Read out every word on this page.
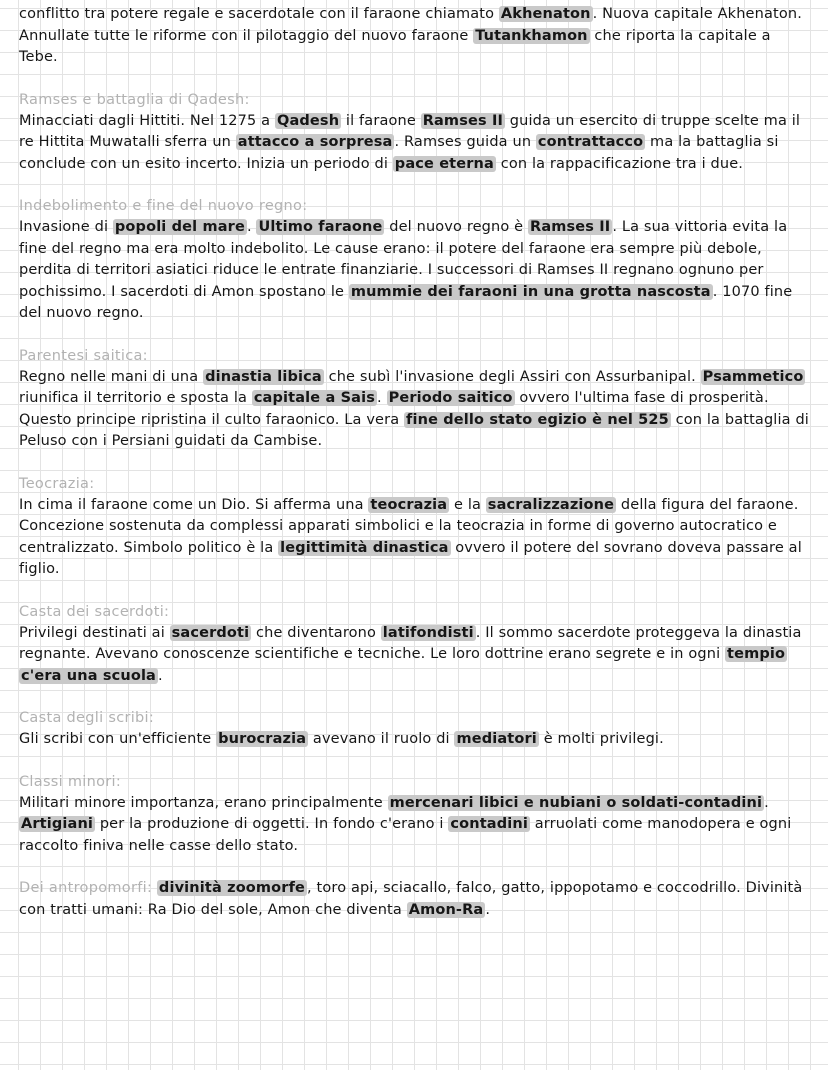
conflitto tra potere regale e sacerdotale con il faraone chiamato Akhenaton . Nuova capitale Akhenaton. Annullate tutte le riforme con il pilotaggio del nuovo faraone Tutankhamon che riporta la capitale a Tebe.

Ramses e battaglia di Qadesh:

Minacciati dagli Hittiti. Nel 1275 a Qadesh il faraone Ramses II guida un esercito di truppe scelte ma il re Hittita Muwatalli sferra un attacco a sorpresa . Ramses guida un contrattacco ma la battaglia si conclude con un esito incerto. Inizia un periodo di pace eterna con la rappacificazione tra i due.

Indebolimento e fine del nuovo regno:

Invasione di popoli del mare . Ultimo faraone del nuovo regno è Ramses II . La sua vittoria evita la fine del regno ma era molto indebolito. Le cause erano: il potere del faraone era sempre più debole, perdita di territori asiatici riduce le entrate finanziarie. I successori di Ramses II regnano ognuno per pochissimo. I sacerdoti di Amon spostano le mummie dei faraoni in una grotta nascosta . 1070 fine del nuovo regno.

Parentesi saitica:

Regno nelle mani di una dinastia libica che subì l'invasione degli Assiri con Assurbanipal. Psammetico riunifica il territorio e sposta la capitale a Sais . Periodo saitico ovvero l'ultima fase di prosperità. Questo principe ripristina il culto faraonico. La vera fine dello stato egizio è nel 525 con la battaglia di Peluso con i Persiani guidati da Cambise.

Teocrazia:

In cima il faraone come un Dio. Si afferma una teocrazia e la sacralizzazione della figura del faraone. Concezione sostenuta da complessi apparati simbolici e la teocrazia in forme di governo autocratico e centralizzato. Simbolo politico è la legittimità dinastica ovvero il potere del sovrano doveva passare al figlio.

Casta dei sacerdoti:

Privilegi destinati ai sacerdoti che diventarono latifondisti . Il sommo sacerdote proteggeva la dinastia regnante. Avevano conoscenze scientifiche e tecniche. Le loro dottrine erano segrete e in ogni tempio c'era una scuola .

Casta degli scribi:

Gli scribi con un'efficiente burocrazia avevano il ruolo di mediatori è molti privilegi.

Classi minori:

Militari minore importanza, erano principalmente mercenari libici e nubiani o soldati-contadini . Artigiani per la produzione di oggetti. In fondo c'erano i contadini arruolati come manodopera e ogni raccolto finiva nelle casse dello stato.

Dei antropomorfi: divinità zoomorfe , toro api, sciacallo, falco, gatto, ippopotamo e coccodrillo. Divinità con tratti umani: Ra Dio del sole, Amon che diventa Amon-Ra .
